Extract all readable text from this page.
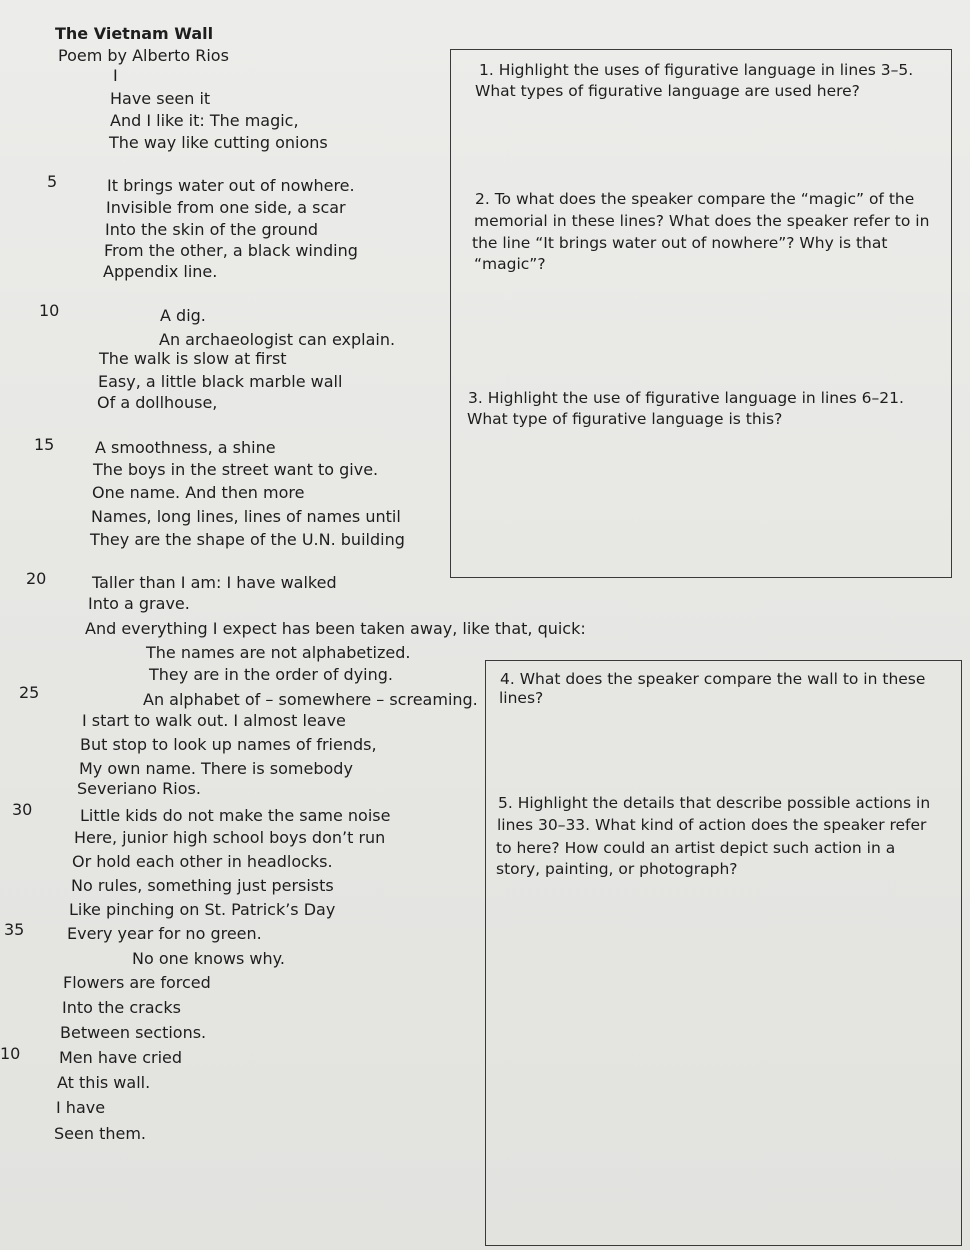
The Vietnam Wall
Poem by Alberto Rios
I
Have seen it
And I like it: The magic,
The way like cutting onions
5	It brings water out of nowhere.
Invisible from one side, a scar
Into the skin of the ground
From the other, a black winding
Appendix line.
10	A dig.
An archaeologist can explain.
The walk is slow at first
Easy, a little black marble wall
Of a dollhouse,
15	A smoothness, a shine
The boys in the street want to give.
One name. And then more
Names, long lines, lines of names until
They are the shape of the U.N. building
20	Taller than I am: I have walked
Into a grave.
And everything I expect has been taken away, like that, quick:
The names are not alphabetized.
They are in the order of dying.
25	An alphabet of – somewhere – screaming.
I start to walk out. I almost leave
But stop to look up names of friends,
My own name. There is somebody
Severiano Rios.
30	Little kids do not make the same noise
Here, junior high school boys don’t run
Or hold each other in headlocks.
No rules, something just persists
Like pinching on St. Patrick’s Day
35	Every year for no green.
No one knows why.
Flowers are forced
Into the cracks
Between sections.
10 Men have cried
At this wall.
I have
Seen them.
1. Highlight the uses of figurative language in lines 3–5.
What types of figurative language are used here?
2. To what does the speaker compare the “magic” of the
memorial in these lines? What does the speaker refer to in
the line “It brings water out of nowhere”? Why is that
“magic”?
3. Highlight the use of figurative language in lines 6–21.
What type of figurative language is this?
4. What does the speaker compare the wall to in these
lines?
5. Highlight the details that describe possible actions in
lines 30–33. What kind of action does the speaker refer
to here? How could an artist depict such action in a
story, painting, or photograph?
